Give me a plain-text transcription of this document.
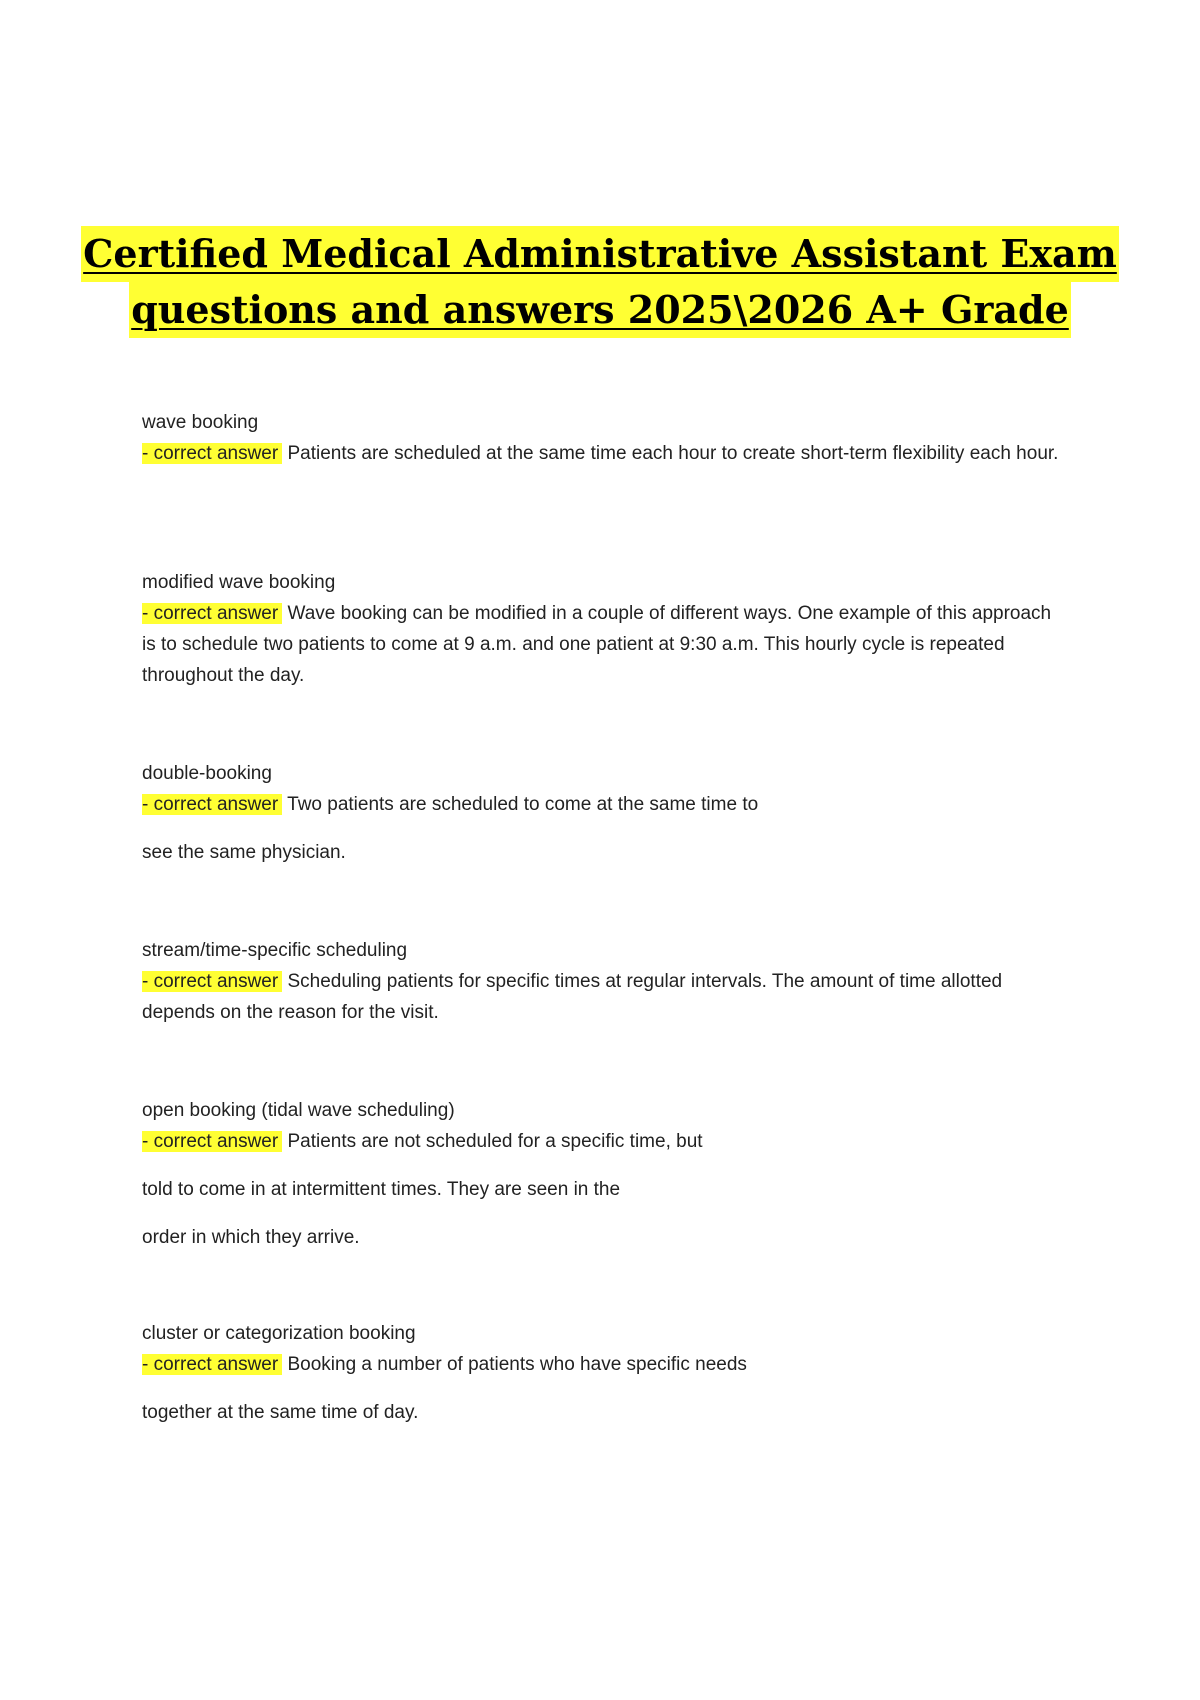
Certified Medical Administrative Assistant Exam
questions and answers 2025\2026 A+ Grade
wave booking
- correct answer Patients are scheduled at the same time each hour to create short-term flexibility each hour.
modified wave booking
- correct answer Wave booking can be modified in a couple of different ways. One example of this approach is to schedule two patients to come at 9 a.m. and one patient at 9:30 a.m. This hourly cycle is repeated throughout the day.
double-booking
- correct answer Two patients are scheduled to come at the same time to
see the same physician.
stream/time-specific scheduling
- correct answer Scheduling patients for specific times at regular intervals. The amount of time allotted depends on the reason for the visit.
open booking (tidal wave scheduling)
- correct answer Patients are not scheduled for a specific time, but
told to come in at intermittent times. They are seen in the
order in which they arrive.
cluster or categorization booking
- correct answer Booking a number of patients who have specific needs
together at the same time of day.
